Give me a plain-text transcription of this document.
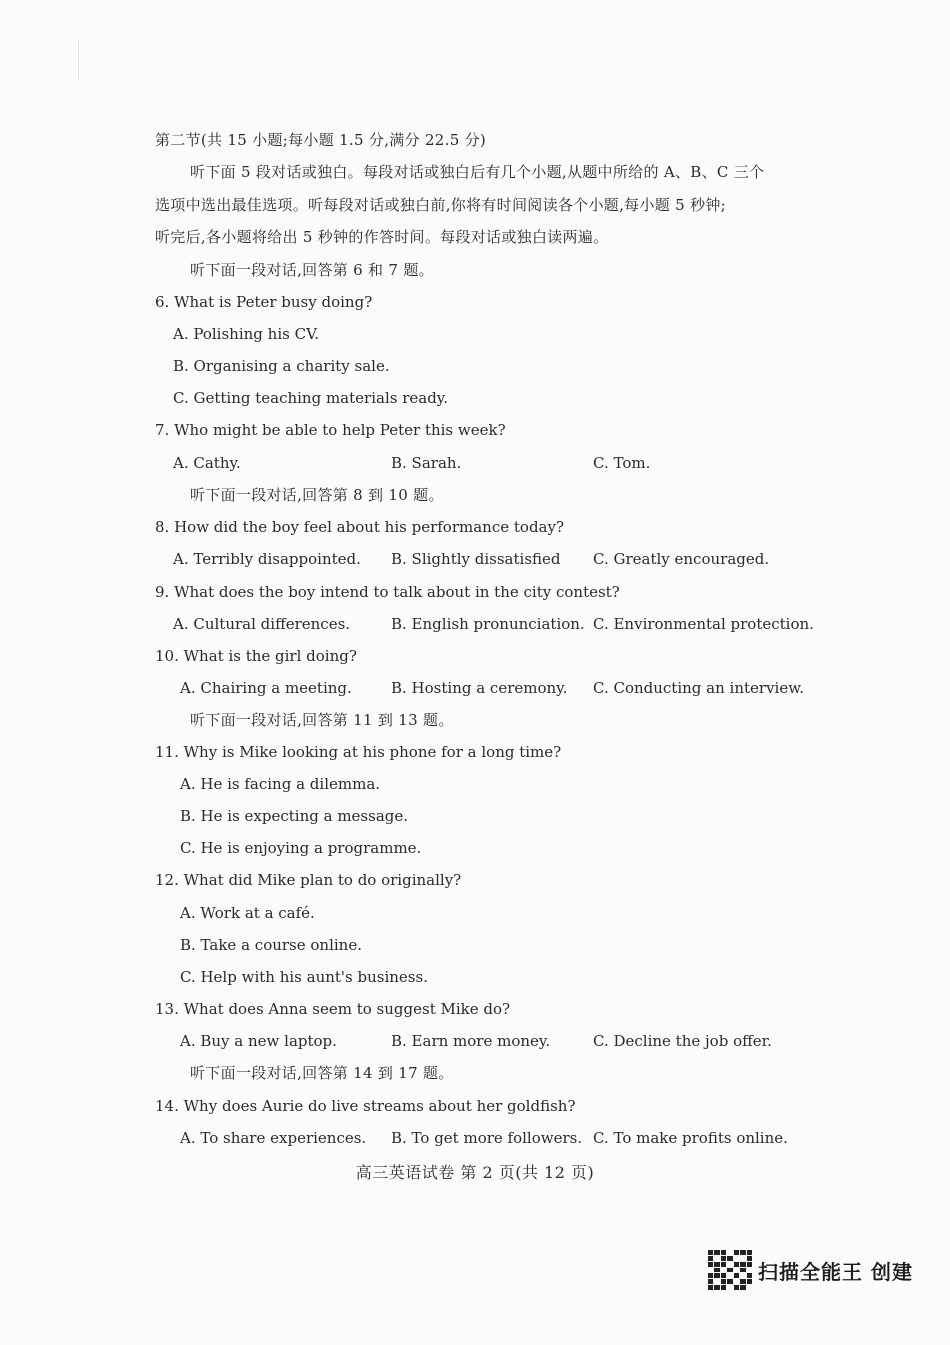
第二节(共 15 小题;每小题 1.5 分,满分 22.5 分)
听下面 5 段对话或独白。每段对话或独白后有几个小题,从题中所给的 A、B、C 三个
选项中选出最佳选项。听每段对话或独白前,你将有时间阅读各个小题,每小题 5 秒钟;
听完后,各小题将给出 5 秒钟的作答时间。每段对话或独白读两遍。
听下面一段对话,回答第 6 和 7 题。
6. What is Peter busy doing?
A. Polishing his CV.
B. Organising a charity sale.
C. Getting teaching materials ready.
7. Who might be able to help Peter this week?
A. Cathy.	B. Sarah.	C. Tom.
听下面一段对话,回答第 8 到 10 题。
8. How did the boy feel about his performance today?
A. Terribly disappointed. B. Slightly dissatisfied C. Greatly encouraged.
9. What does the boy intend to talk about in the city contest?
A. Cultural differences.	B. English pronunciation. C. Environmental protection.
10. What is the girl doing?
A. Chairing a meeting.	B. Hosting a ceremony. C. Conducting an interview.
听下面一段对话,回答第 11 到 13 题。
11. Why is Mike looking at his phone for a long time?
A. He is facing a dilemma.
B. He is expecting a message.
C. He is enjoying a programme.
12. What did Mike plan to do originally?
A. Work at a café.
B. Take a course online.
C. Help with his aunt's business.
13. What does Anna seem to suggest Mike do?
A. Buy a new laptop.	B. Earn more money.	C. Decline the job offer.
听下面一段对话,回答第 14 到 17 题。
14. Why does Aurie do live streams about her goldfish?
A. To share experiences. B. To get more followers. C. To make profits online.
高三英语试卷 第 2 页(共 12 页)
扫描全能王 创建
